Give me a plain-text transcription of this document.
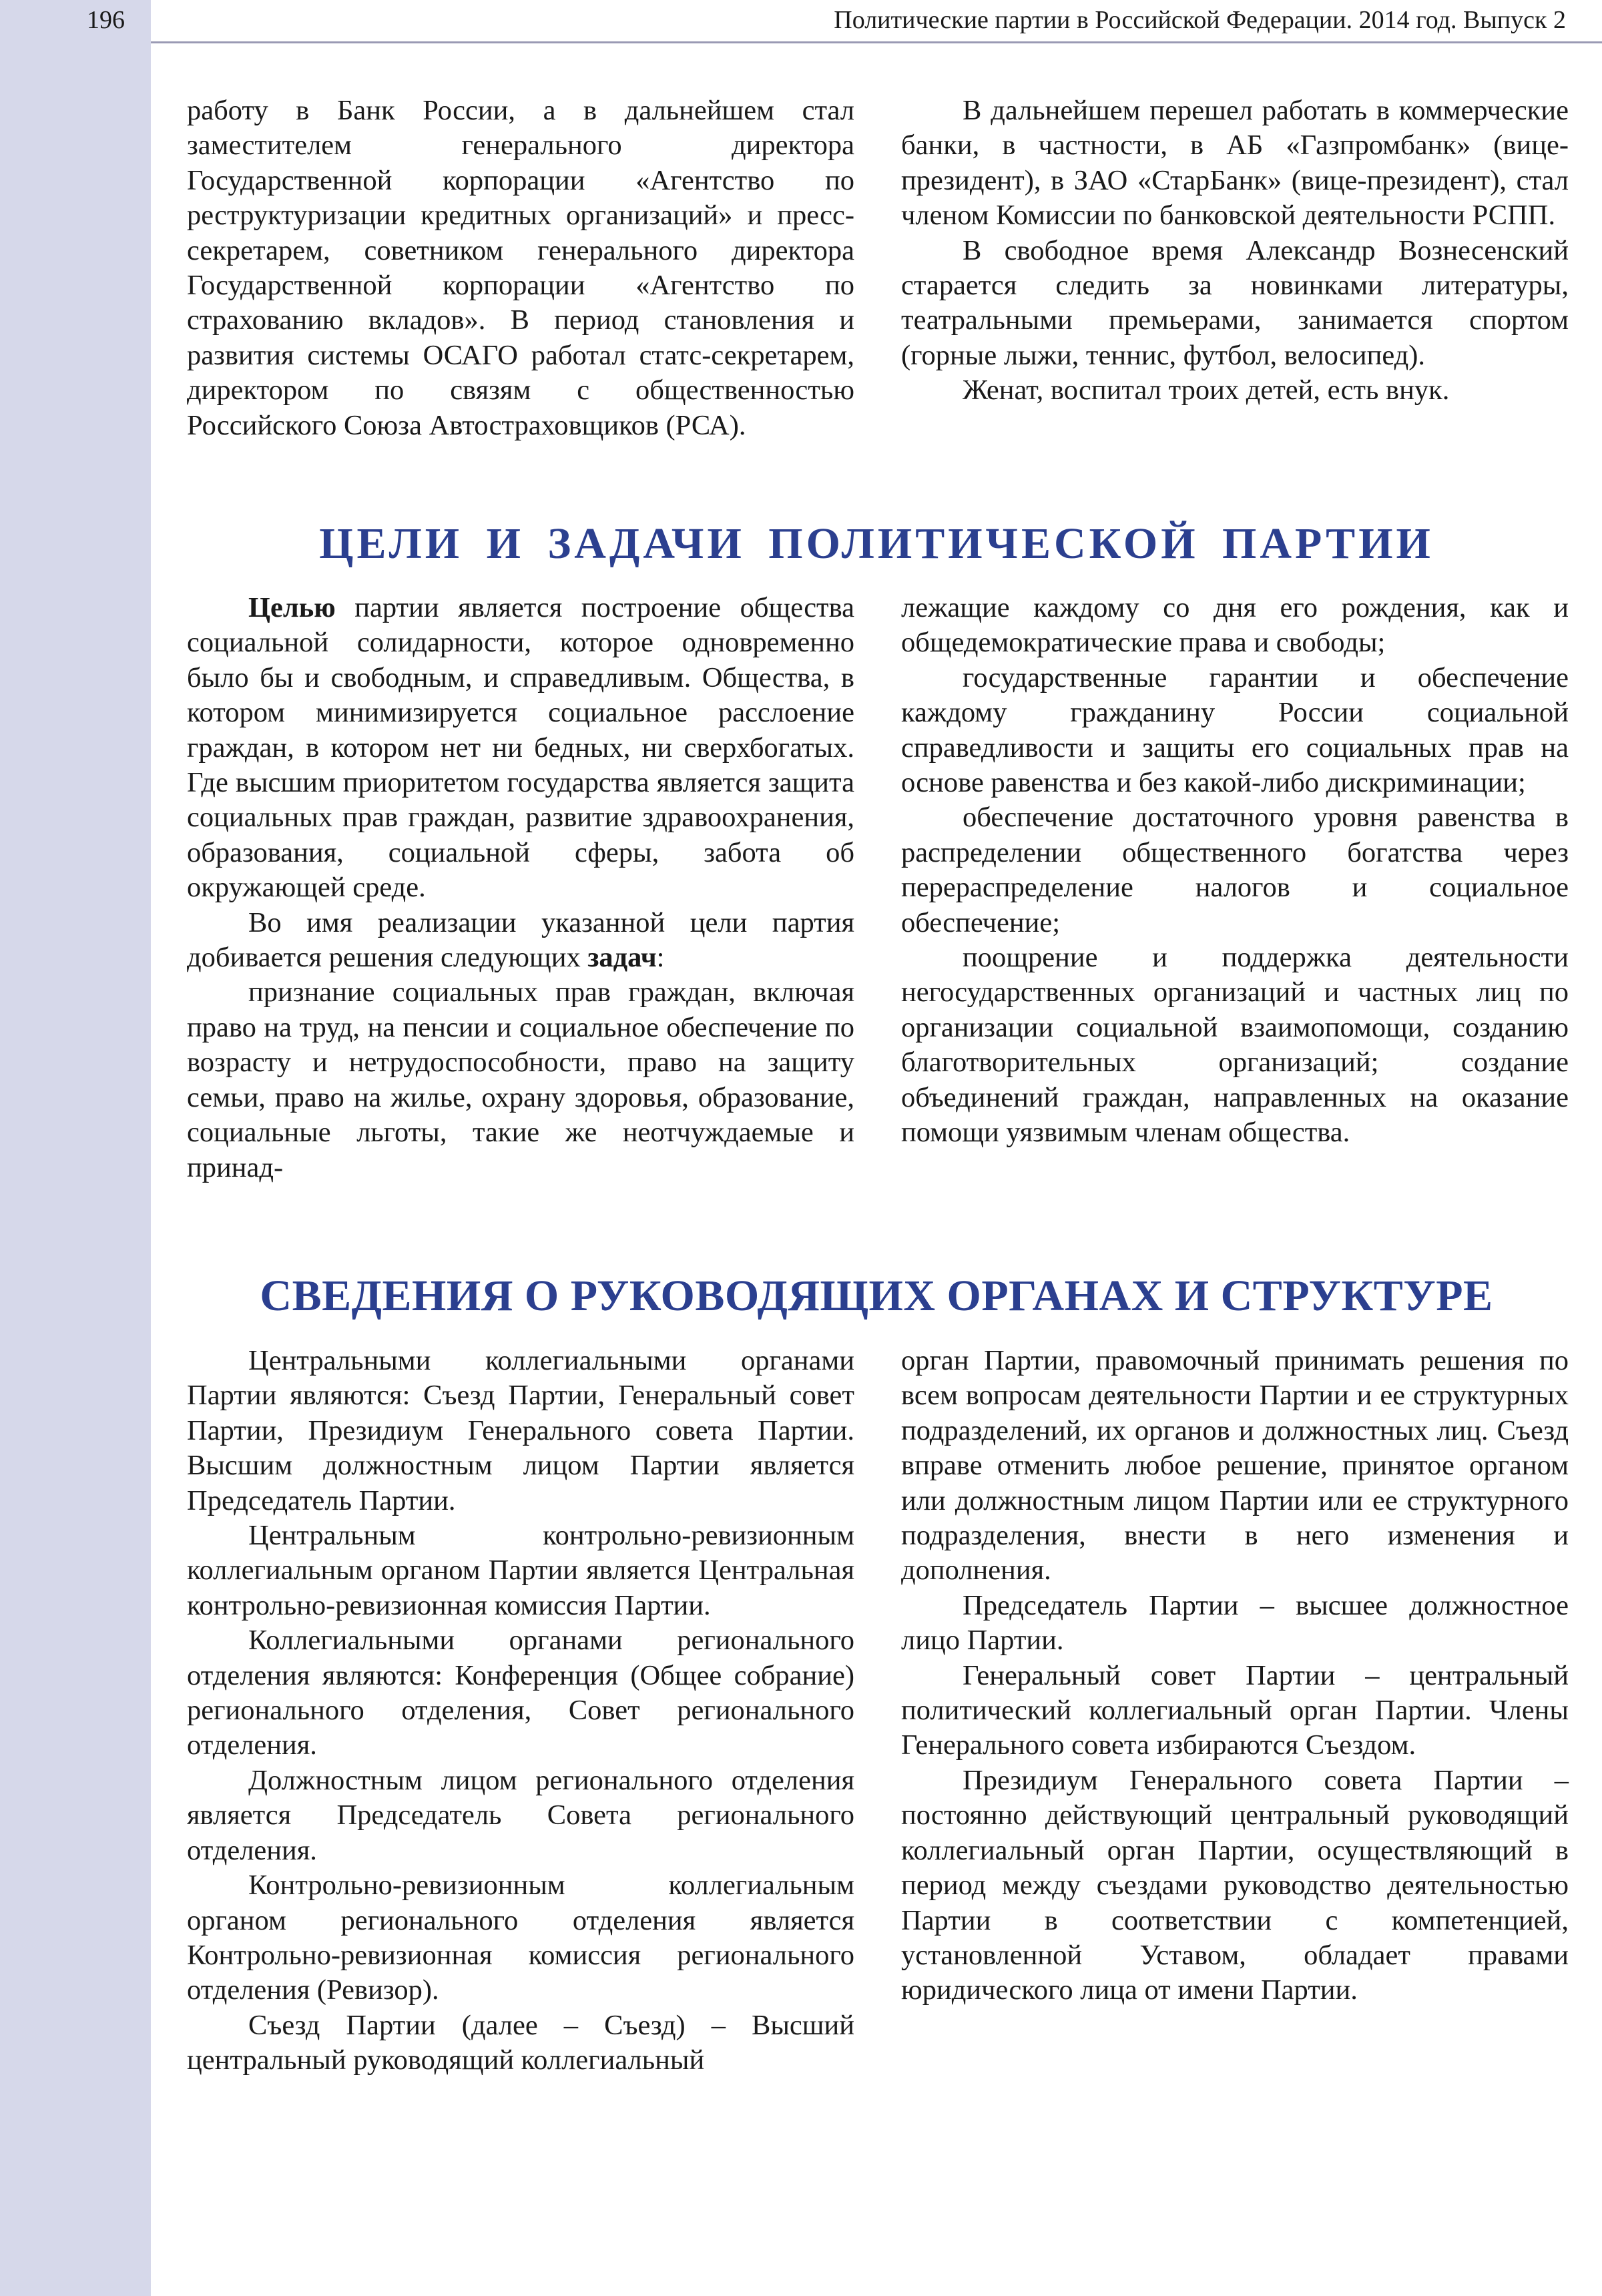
196	Политические партии в Российской Федерации. 2014 год. Выпуск 2

работу в Банк России, а в дальнейшем стал заместителем генерального директора Государственной корпорации «Агентство по реструктуризации кредитных организаций» и пресс-секретарем, советником генерального директора Государственной корпорации «Агентство по страхованию вкладов». В период становления и развития системы ОСАГО работал статс-секретарем, директором по связям с общественностью Российского Союза Автостраховщиков (РСА).

В дальнейшем перешел работать в коммерческие банки, в частности, в АБ «Газпромбанк» (вице-президент), в ЗАО «СтарБанк» (вице-президент), стал членом Комиссии по банковской деятельности РСПП.

В свободное время Александр Вознесенский старается следить за новинками литературы, театральными премьерами, занимается спортом (горные лыжи, теннис, футбол, велосипед).

Женат, воспитал троих детей, есть внук.

ЦЕЛИ И ЗАДАЧИ ПОЛИТИЧЕСКОЙ ПАРТИИ

Целью партии является построение общества социальной солидарности, которое одновременно было бы и свободным, и справедливым. Общества, в котором минимизируется социальное расслоение граждан, в котором нет ни бедных, ни сверхбогатых. Где высшим приоритетом государства является защита социальных прав граждан, развитие здравоохранения, образования, социальной сферы, забота об окружающей среде.

Во имя реализации указанной цели партия добивается решения следующих задач:

признание социальных прав граждан, включая право на труд, на пенсии и социальное обеспечение по возрасту и нетрудоспособности, право на защиту семьи, право на жилье, охрану здоровья, образование, социальные льготы, такие же неотчуждаемые и принад-

лежащие каждому со дня его рождения, как и общедемократические права и свободы;

государственные гарантии и обеспечение каждому гражданину России социальной справедливости и защиты его социальных прав на основе равенства и без какой-либо дискриминации;

обеспечение достаточного уровня равенства в распределении общественного богатства через перераспределение налогов и социальное обеспечение;

поощрение и поддержка деятельности негосударственных организаций и частных лиц по организации социальной взаимопомощи, созданию благотворительных организаций; создание объединений граждан, направленных на оказание помощи уязвимым членам общества.

СВЕДЕНИЯ О РУКОВОДЯЩИХ ОРГАНАХ И СТРУКТУРЕ

Центральными коллегиальными органами Партии являются: Съезд Партии, Генеральный совет Партии, Президиум Генерального совета Партии. Высшим должностным лицом Партии является Председатель Партии.

Центральным контрольно-ревизионным коллегиальным органом Партии является Центральная контрольно-ревизионная комиссия Партии.

Коллегиальными органами регионального отделения являются: Конференция (Общее собрание) регионального отделения, Совет регионального отделения.

Должностным лицом регионального отделения является Председатель Совета регионального отделения.

Контрольно-ревизионным коллегиальным органом регионального отделения является Контрольно-ревизионная комиссия регионального отделения (Ревизор).

Съезд Партии (далее – Съезд) – Высший центральный руководящий коллегиальный

орган Партии, правомочный принимать решения по всем вопросам деятельности Партии и ее структурных подразделений, их органов и должностных лиц. Съезд вправе отменить любое решение, принятое органом или должностным лицом Партии или ее структурного подразделения, внести в него изменения и дополнения.

Председатель Партии – высшее должностное лицо Партии.

Генеральный совет Партии – центральный политический коллегиальный орган Партии. Члены Генерального совета избираются Съездом.

Президиум Генерального совета Партии – постоянно действующий центральный руководящий коллегиальный орган Партии, осуществляющий в период между съездами руководство деятельностью Партии в соответствии с компетенцией, установленной Уставом, обладает правами юридического лица от имени Партии.
